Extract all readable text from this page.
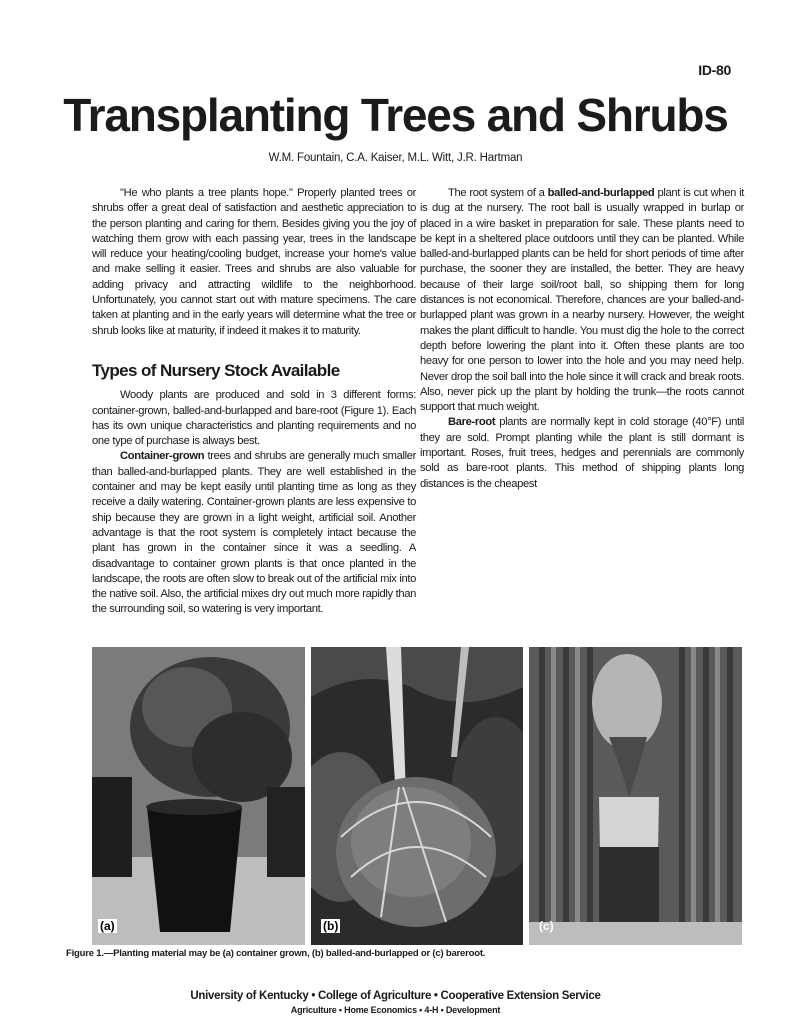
ID-80
Transplanting Trees and Shrubs
W.M. Fountain, C.A. Kaiser, M.L. Witt, J.R. Hartman

"He who plants a tree plants hope." Properly planted trees or shrubs offer a great deal of satisfaction and aesthetic appreciation to the person planting and caring for them. Besides giving you the joy of watching them grow with each passing year, trees in the landscape will reduce your heating/cooling budget, increase your home's value and make selling it easier. Trees and shrubs are also valuable for adding privacy and attracting wildlife to the neighborhood. Unfortunately, you cannot start out with mature specimens. The care taken at planting and in the early years will determine what the tree or shrub looks like at maturity, if indeed it makes it to maturity.

Types of Nursery Stock Available

Woody plants are produced and sold in 3 different forms: container-grown, balled-and-burlapped and bare-root (Figure 1). Each has its own unique characteristics and planting requirements and no one type of purchase is always best.

Container-grown trees and shrubs are generally much smaller than balled-and-burlapped plants. They are well established in the container and may be kept easily until planting time as long as they receive a daily watering. Container-grown plants are less expensive to ship because they are grown in a light weight, artificial soil. Another advantage is that the root system is completely intact because the plant has grown in the container since it was a seedling. A disadvantage to container grown plants is that once planted in the landscape, the roots are often slow to break out of the artificial mix into the native soil. Also, the artificial mixes dry out much more rapidly than the surrounding soil, so watering is very important.

The root system of a balled-and-burlapped plant is cut when it is dug at the nursery. The root ball is usually wrapped in burlap or placed in a wire basket in preparation for sale. These plants need to be kept in a sheltered place outdoors until they can be planted. While balled-and-burlapped plants can be held for short periods of time after purchase, the sooner they are installed, the better. They are heavy because of their large soil/root ball, so shipping them for long distances is not economical. Therefore, chances are your balled-and-burlapped plant was grown in a nearby nursery. However, the weight makes the plant difficult to handle. You must dig the hole to the correct depth before lowering the plant into it. Often these plants are too heavy for one person to lower into the hole and you may need help. Never drop the soil ball into the hole since it will crack and break roots. Also, never pick up the plant by holding the trunk—the roots cannot support that much weight.

Bare-root plants are normally kept in cold storage (40°F) until they are sold. Prompt planting while the plant is still dormant is important. Roses, fruit trees, hedges and perennials are commonly sold as bare-root plants. This method of shipping plants long distances is the cheapest

(a)	(b)	(c)
Figure 1.—Planting material may be (a) container grown, (b) balled-and-burlapped or (c) bareroot.
University of Kentucky • College of Agriculture • Cooperative Extension Service
Agriculture • Home Economics • 4-H • Development
